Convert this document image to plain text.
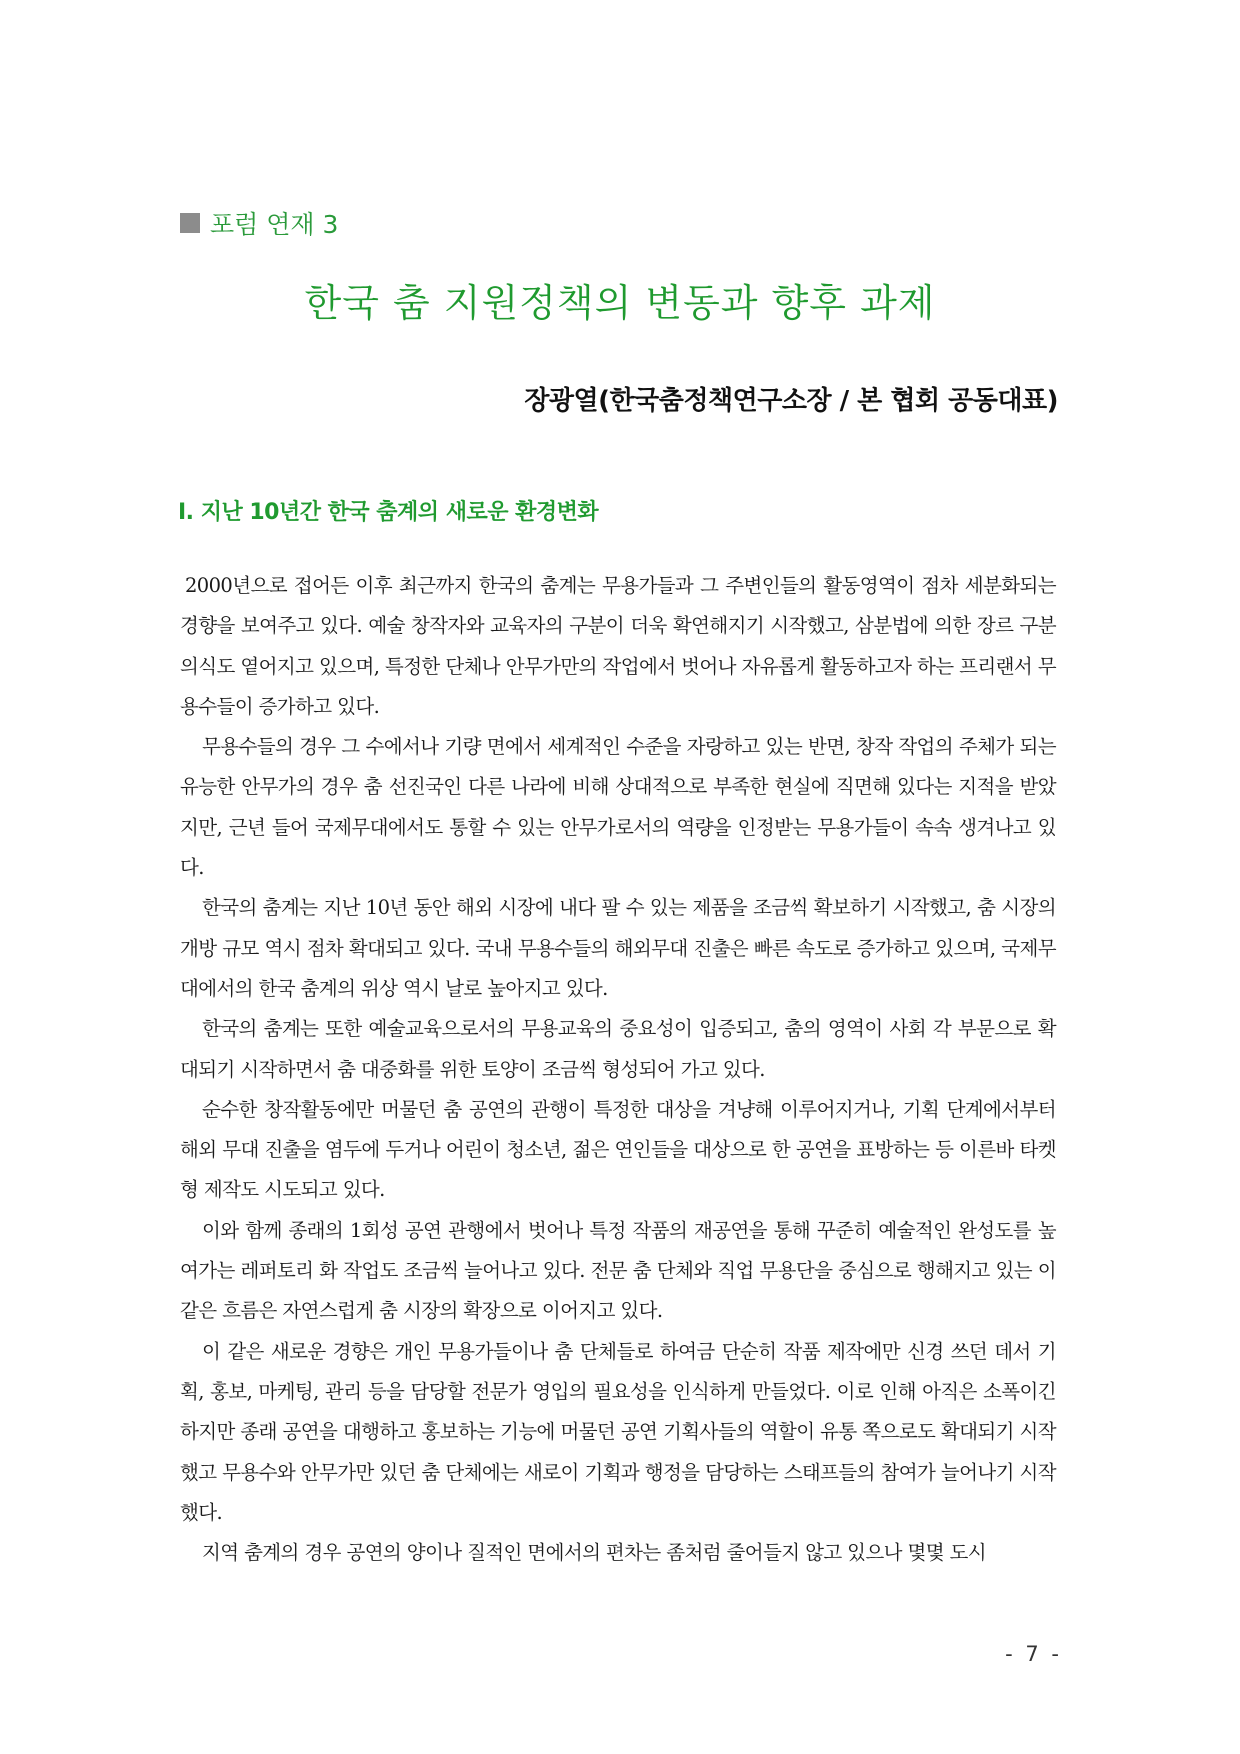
포럼 연재 3
한국 춤 지원정책의 변동과 향후 과제
장광열(한국춤정책연구소장 / 본 협회 공동대표)
Ⅰ. 지난 10년간 한국 춤계의 새로운 환경변화

2000년으로 접어든 이후 최근까지 한국의 춤계는 무용가들과 그 주변인들의 활동영역이 점차 세분화되는 경향을 보여주고 있다. 예술 창작자와 교육자의 구분이 더욱 확연해지기 시작했고, 삼분법에 의한 장르 구분 의식도 옅어지고 있으며, 특정한 단체나 안무가만의 작업에서 벗어나 자유롭게 활동하고자 하는 프리랜서 무용수들이 증가하고 있다.

무용수들의 경우 그 수에서나 기량 면에서 세계적인 수준을 자랑하고 있는 반면, 창작 작업의 주체가 되는 유능한 안무가의 경우 춤 선진국인 다른 나라에 비해 상대적으로 부족한 현실에 직면해 있다는 지적을 받았지만, 근년 들어 국제무대에서도 통할 수 있는 안무가로서의 역량을 인정받는 무용가들이 속속 생겨나고 있다.

한국의 춤계는 지난 10년 동안 해외 시장에 내다 팔 수 있는 제품을 조금씩 확보하기 시작했고, 춤 시장의 개방 규모 역시 점차 확대되고 있다. 국내 무용수들의 해외무대 진출은 빠른 속도로 증가하고 있으며, 국제무대에서의 한국 춤계의 위상 역시 날로 높아지고 있다.

한국의 춤계는 또한 예술교육으로서의 무용교육의 중요성이 입증되고, 춤의 영역이 사회 각 부문으로 확대되기 시작하면서 춤 대중화를 위한 토양이 조금씩 형성되어 가고 있다.

순수한 창작활동에만 머물던 춤 공연의 관행이 특정한 대상을 겨냥해 이루어지거나, 기획 단계에서부터 해외 무대 진출을 염두에 두거나 어린이 청소년, 젊은 연인들을 대상으로 한 공연을 표방하는 등 이른바 타켓형 제작도 시도되고 있다.

이와 함께 종래의 1회성 공연 관행에서 벗어나 특정 작품의 재공연을 통해 꾸준히 예술적인 완성도를 높여가는 레퍼토리 화 작업도 조금씩 늘어나고 있다. 전문 춤 단체와 직업 무용단을 중심으로 행해지고 있는 이 같은 흐름은 자연스럽게 춤 시장의 확장으로 이어지고 있다.

이 같은 새로운 경향은 개인 무용가들이나 춤 단체들로 하여금 단순히 작품 제작에만 신경 쓰던 데서 기획, 홍보, 마케팅, 관리 등을 담당할 전문가 영입의 필요성을 인식하게 만들었다. 이로 인해 아직은 소폭이긴 하지만 종래 공연을 대행하고 홍보하는 기능에 머물던 공연 기획사들의 역할이 유통 쪽으로도 확대되기 시작했고 무용수와 안무가만 있던 춤 단체에는 새로이 기획과 행정을 담당하는 스태프들의 참여가 늘어나기 시작했다.

지역 춤계의 경우 공연의 양이나 질적인 면에서의 편차는 좀처럼 줄어들지 않고 있으나 몇몇 도시

- 7 -
